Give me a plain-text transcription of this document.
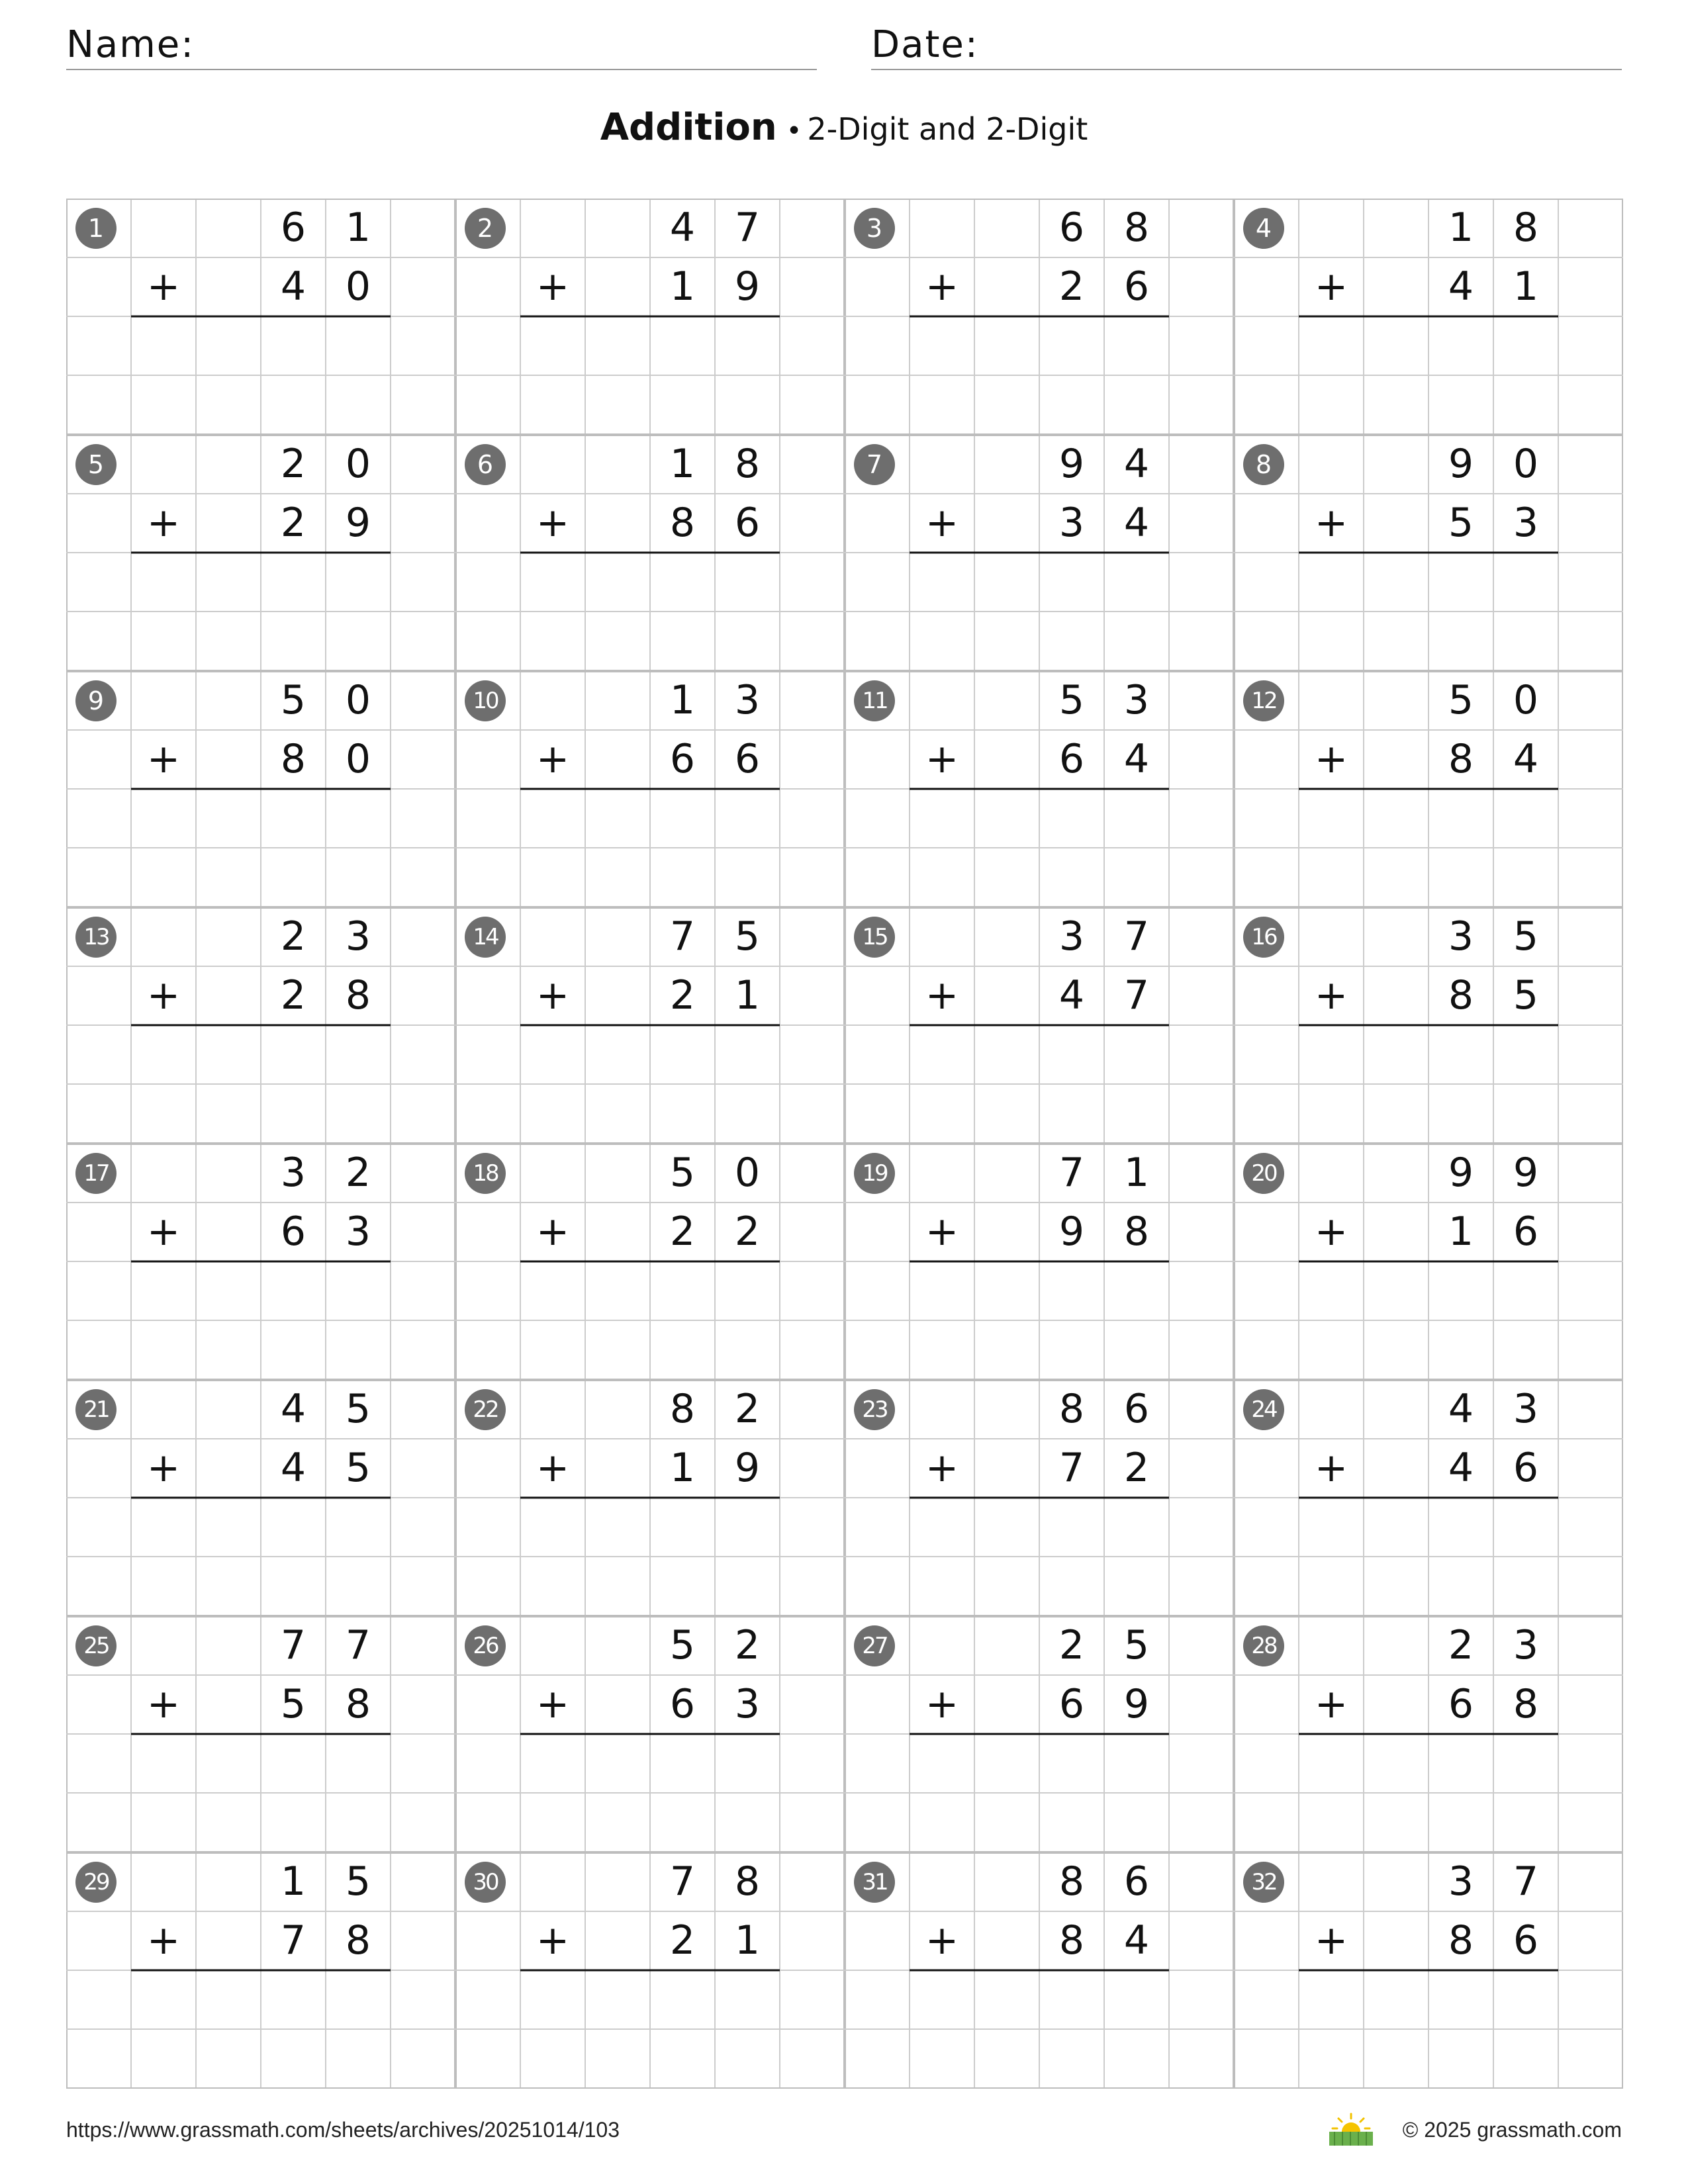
Name:	Date:
Addition • 2-Digit and 2-Digit
1	6 1
+	4 0
2	4 7
+	1 9
3	6 8
+	2 6
4	1 8
+	4 1
5	2 0
+	2 9
6	1 8
+	8 6
7	9 4
+	3 4
8	9 0
+	5 3
9	5 0
+	8 0
10	1 3
+	6 6
11	5 3
+	6 4
12	5 0
+	8 4
13	2 3
+	2 8
14	7 5
+	2 1
15	3 7
+	4 7
16	3 5
+	8 5
17	3 2
+	6 3
18	5 0
+	2 2
19	7 1
+	9 8
20	9 9
+	1 6
21	4 5
+	4 5
22	8 2
+	1 9
23	8 6
+	7 2
24	4 3
+	4 6
25	7 7
+	5 8
26	5 2
+	6 3
27	2 5
+	6 9
28	2 3
+	6 8
29	1 5
+	7 8
30	7 8
+	2 1
31	8 6
+	8 4
32	3 7
+	8 6
https://www.grassmath.com/sheets/archives/20251014/103	© 2025 grassmath.com
